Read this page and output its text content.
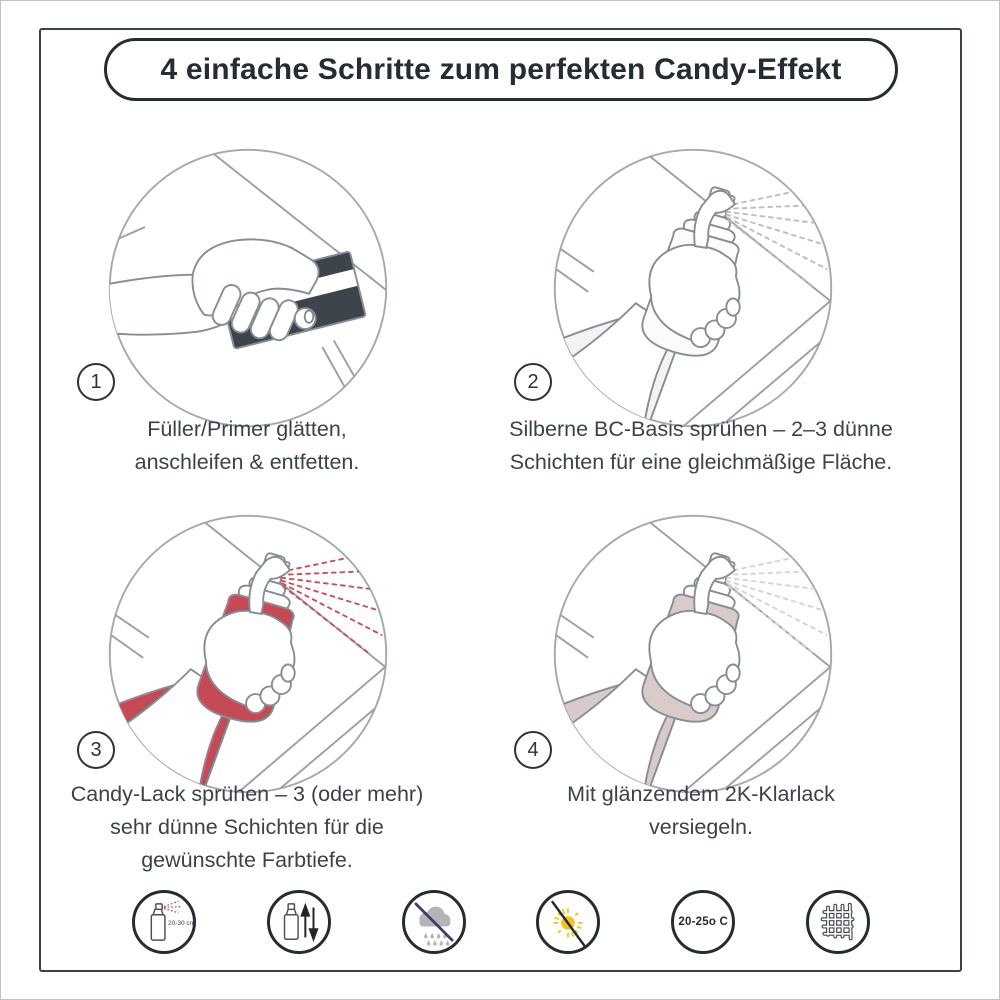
4 einfache Schritte zum perfekten Candy-Effekt
1	2
3	4
Füller/Primer glätten,
anschleifen & entfetten.
Silberne BC-Basis sprühen – 2–3 dünne
Schichten für eine gleichmäßige Fläche.
Candy-Lack sprühen – 3 (oder mehr)
sehr dünne Schichten für die
gewünschte Farbtiefe.
Mit glänzendem 2K-Klarlack
versiegeln.
20-30 cm	20-25o C
